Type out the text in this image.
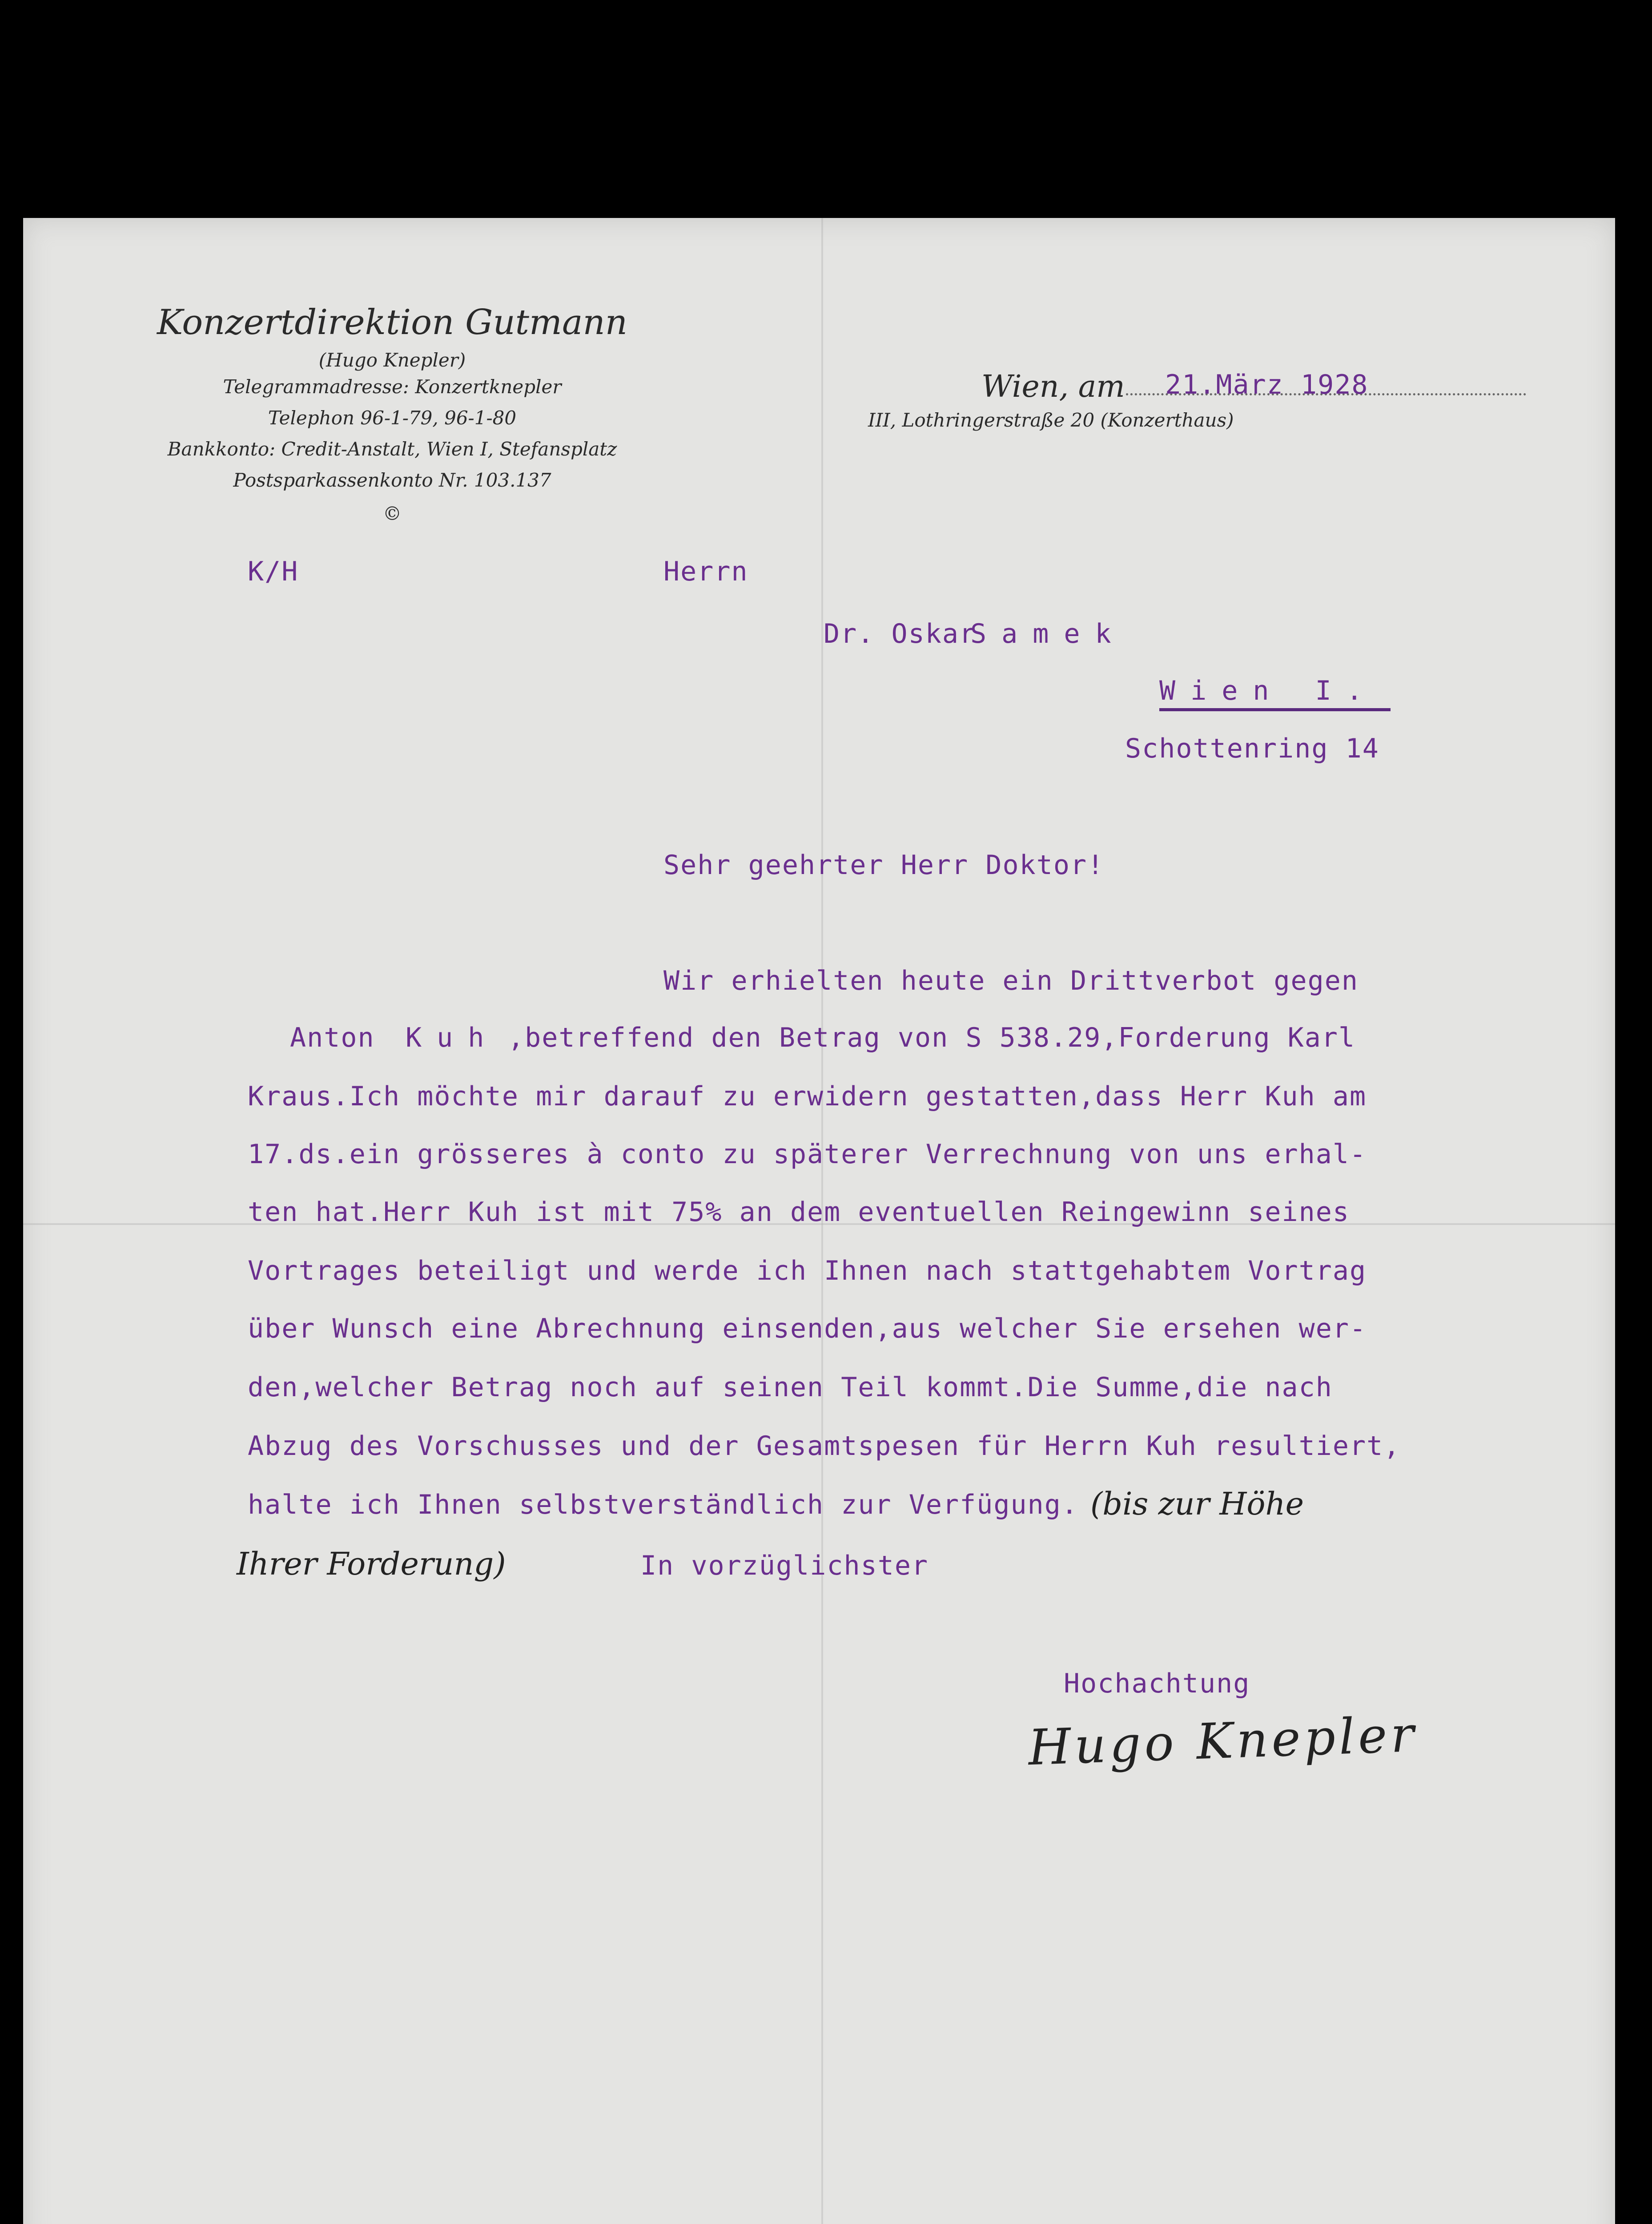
Konzertdirektion Gutmann
(Hugo Knepler)
Telegrammadresse: Konzertknepler
Telephon 96-1-79, 96-1-80
Bankkonto: Credit-Anstalt, Wien I, Stefansplatz
Postsparkassenkonto Nr. 103.137
©
Wien, am 21.März 1928
III, Lothringerstraße 20 (Konzerthaus)
K/H	Herrn
Dr. Oskar
Samek
Wien I.
Schottenring 14
Sehr geehrter Herr Doktor!
Wir erhielten heute ein Drittverbot gegen
Anton Kuh ,betreffend den Betrag von S 538.29,Forderung Karl
Kraus.Ich möchte mir darauf zu erwidern gestatten,dass Herr Kuh am
17.ds.ein grösseres à conto zu späterer Verrechnung von uns erhal-
ten hat.Herr Kuh ist mit 75% an dem eventuellen Reingewinn seines
Vortrages beteiligt und werde ich Ihnen nach stattgehabtem Vortrag
über Wunsch eine Abrechnung einsenden,aus welcher Sie ersehen wer-
den,welcher Betrag noch auf seinen Teil kommt.Die Summe,die nach
Abzug des Vorschusses und der Gesamtspesen für Herrn Kuh resultiert,
halte ich Ihnen selbstverständlich zur Verfügung. (bis zur Höhe
Ihrer Forderung)	In vorzüglichster
Hochachtung
Hugo Knepler
